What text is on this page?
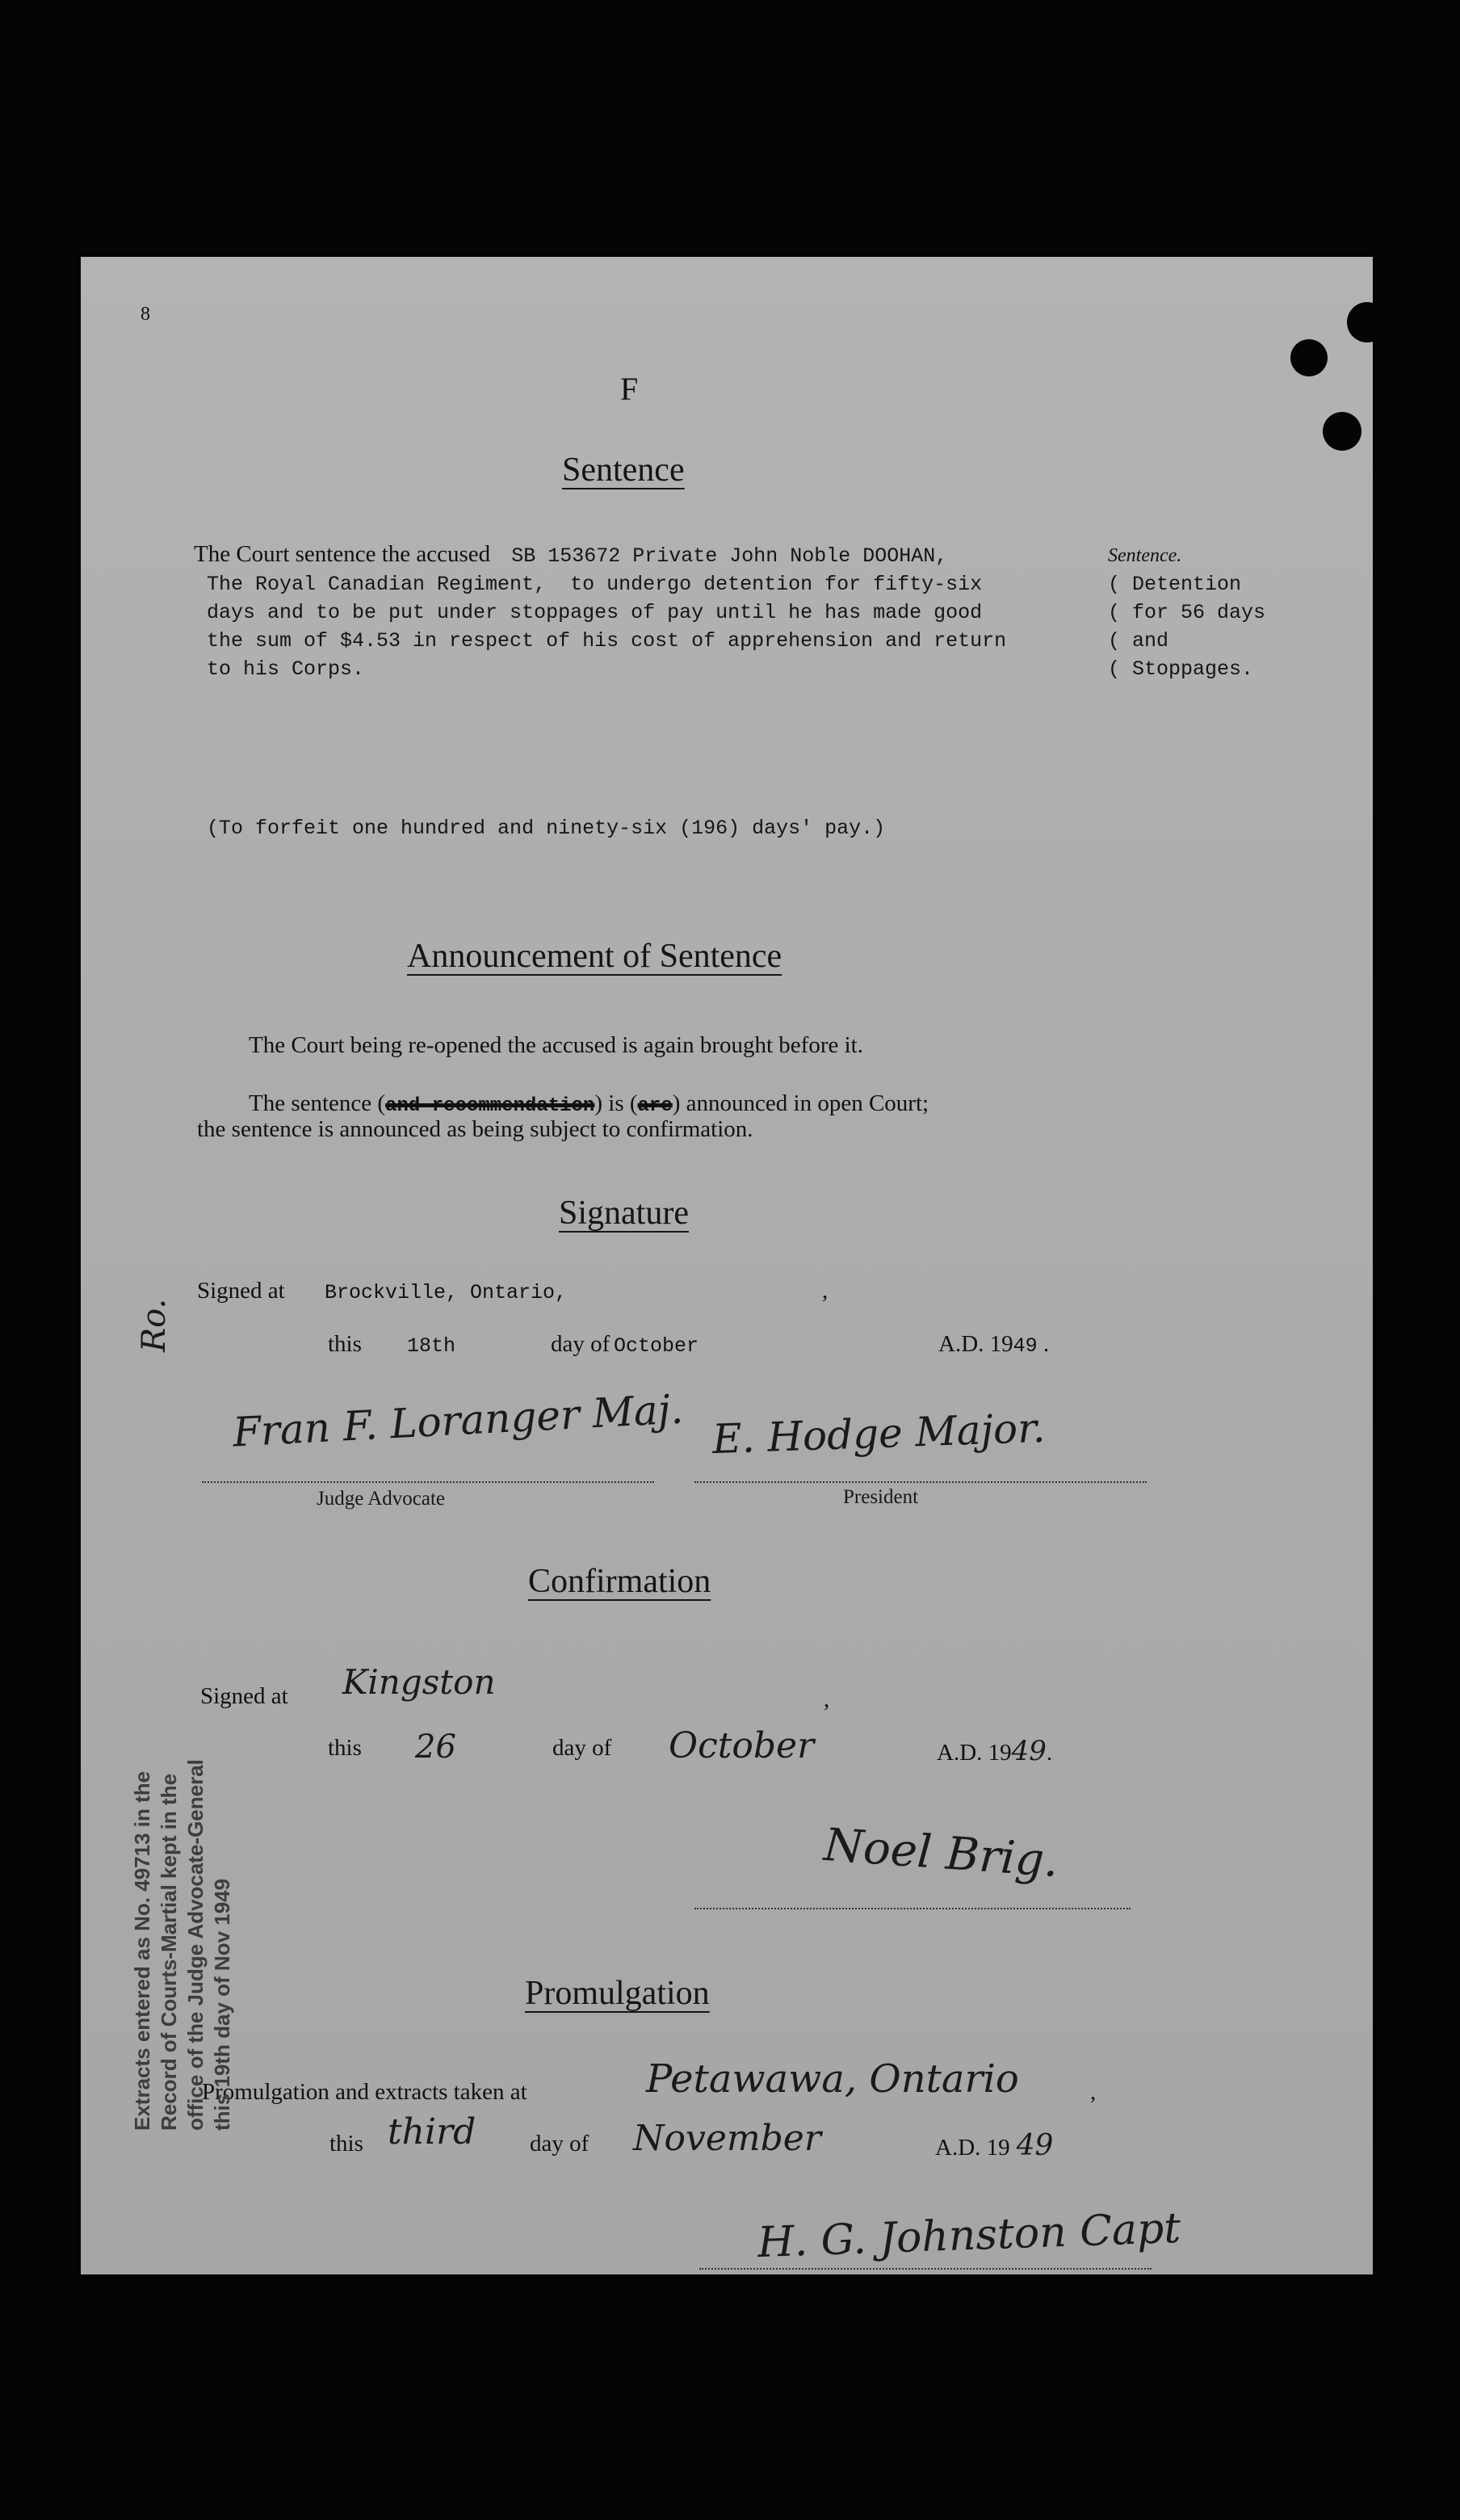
8
F
Sentence
The Court sentence the accused SB 153672 Private John Noble DOOHAN,
The Royal Canadian Regiment,  to undergo detention for fifty-six
days and to be put under stoppages of pay until he has made good
the sum of $4.53 in respect of his cost of apprehension and return
to his Corps.
Sentence.
( Detention
( for 56 days
( and
( Stoppages.
(To forfeit one hundred and ninety-six (196) days' pay.)
Announcement of Sentence
The Court being re-opened the accused is again brought before it.
The sentence (and recommendation) is (are) announced in open Court;
the sentence is announced as being subject to confirmation.
Signature
Signed at Brockville, Ontario,	,
this 18th	day of October	A.D. 1949 .
Fran F. Loranger Maj.
Judge Advocate
E. Hodge Major.
President
Confirmation
Signed at Kingston	,
this 26	day of October	A.D. 1949.
Noel Brig.
Promulgation
Promulgation and extracts taken at	Petawawa, Ontario	,
this third day of November	A.D. 19 49
H. G. Johnston Capt
Extracts entered as No. 49713 in the Record of Courts-Martial kept in the office of the Judge Advocate-General this 19th day of Nov 1949
Ro.
